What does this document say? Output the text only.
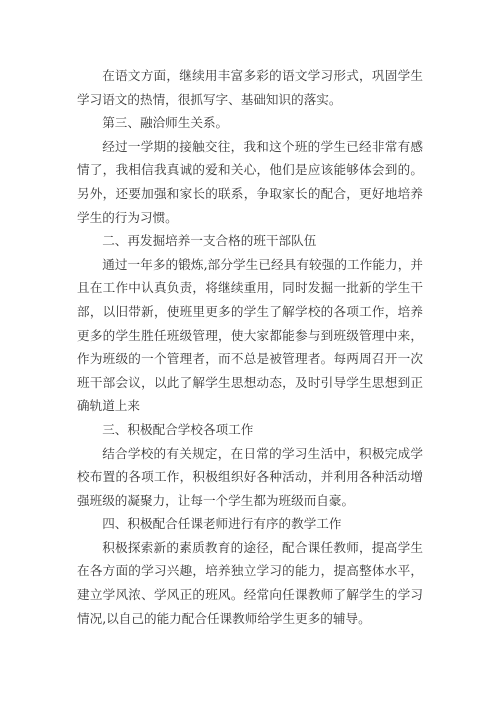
在语文方面，继续用丰富多彩的语文学习形式，巩固学生学习语文的热情，很抓写字、基础知识的落实。

第三、融洽师生关系。

经过一学期的接触交往，我和这个班的学生已经非常有感情了，我相信我真诚的爱和关心，他们是应该能够体会到的。另外，还要加强和家长的联系，争取家长的配合，更好地培养学生的行为习惯。

二、再发掘培养一支合格的班干部队伍

通过一年多的锻炼,部分学生已经具有较强的工作能力，并且在工作中认真负责，将继续重用，同时发掘一批新的学生干部，以旧带新，使班里更多的学生了解学校的各项工作，培养更多的学生胜任班级管理，使大家都能参与到班级管理中来，作为班级的一个管理者，而不总是被管理者。每两周召开一次班干部会议，以此了解学生思想动态，及时引导学生思想到正确轨道上来

三、积极配合学校各项工作

结合学校的有关规定，在日常的学习生活中，积极完成学校布置的各项工作，积极组织好各种活动，并利用各种活动增强班级的凝聚力，让每一个学生都为班级而自豪。

四、积极配合任课老师进行有序的教学工作

积极探索新的素质教育的途径，配合课任教师，提高学生在各方面的学习兴趣，培养独立学习的能力，提高整体水平，建立学风浓、学风正的班风。经常向任课教师了解学生的学习情况,以自己的能力配合任课教师给学生更多的辅导。
